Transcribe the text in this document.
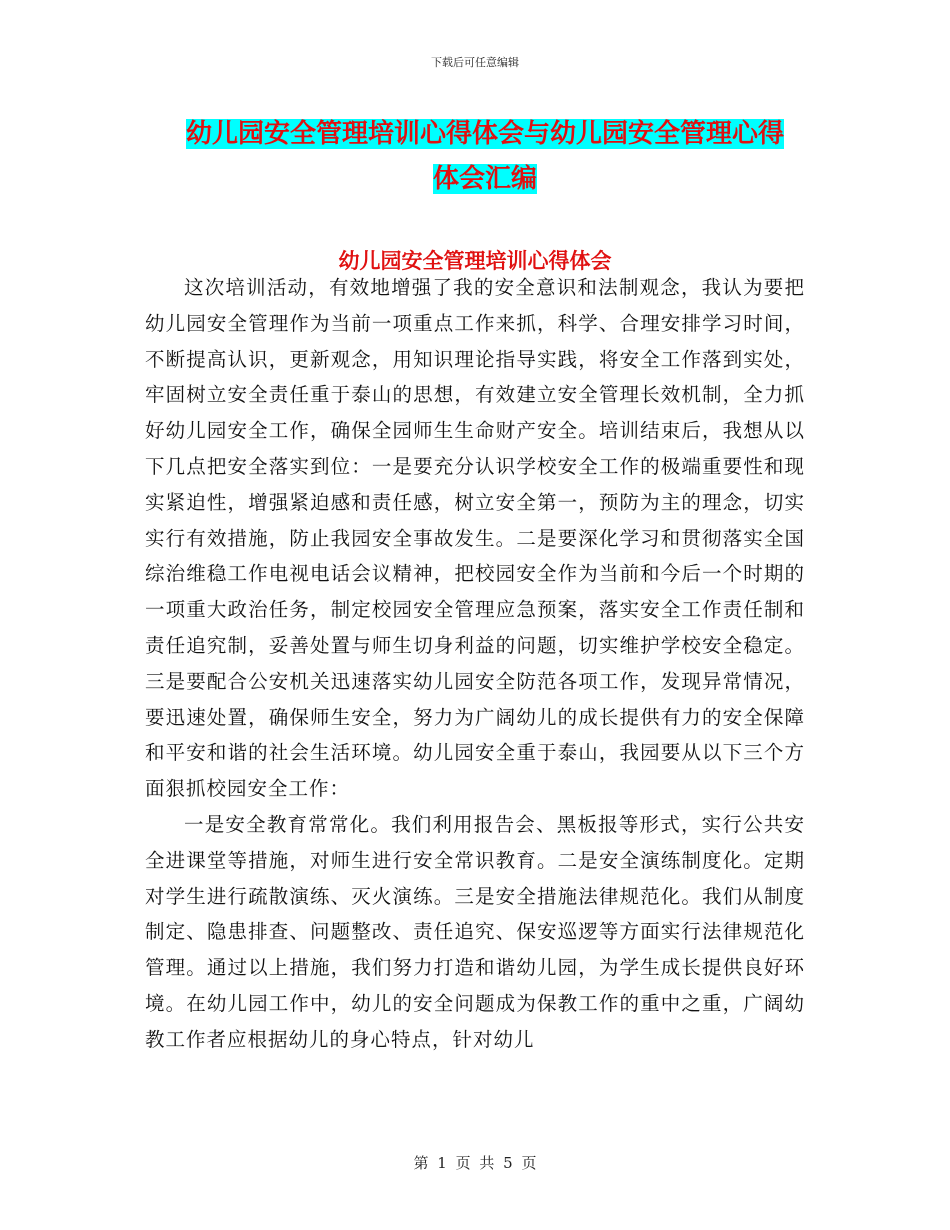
下载后可任意编辑
幼儿园安全管理培训心得体会与幼儿园安全管理心得
体会汇编
幼儿园安全管理培训心得体会

这次培训活动，有效地增强了我的安全意识和法制观念，我认为要把幼儿园安全管理作为当前一项重点工作来抓，科学、合理安排学习时间，不断提高认识，更新观念，用知识理论指导实践，将安全工作落到实处，牢固树立安全责任重于泰山的思想，有效建立安全管理长效机制，全力抓好幼儿园安全工作，确保全园师生生命财产安全。培训结束后，我想从以下几点把安全落实到位：一是要充分认识学校安全工作的极端重要性和现实紧迫性，增强紧迫感和责任感，树立安全第一，预防为主的理念，切实实行有效措施，防止我园安全事故发生。二是要深化学习和贯彻落实全国综治维稳工作电视电话会议精神，把校园安全作为当前和今后一个时期的一项重大政治任务，制定校园安全管理应急预案，落实安全工作责任制和责任追究制，妥善处置与师生切身利益的问题，切实维护学校安全稳定。三是要配合公安机关迅速落实幼儿园安全防范各项工作，发现异常情况，要迅速处置，确保师生安全，努力为广阔幼儿的成长提供有力的安全保障和平安和谐的社会生活环境。幼儿园安全重于泰山，我园要从以下三个方面狠抓校园安全工作：

一是安全教育常常化。我们利用报告会、黑板报等形式，实行公共安全进课堂等措施，对师生进行安全常识教育。二是安全演练制度化。定期对学生进行疏散演练、灭火演练。三是安全措施法律规范化。我们从制度制定、隐患排查、问题整改、责任追究、保安巡逻等方面实行法律规范化管理。通过以上措施，我们努力打造和谐幼儿园，为学生成长提供良好环境。在幼儿园工作中，幼儿的安全问题成为保教工作的重中之重，广阔幼教工作者应根据幼儿的身心特点，针对幼儿

第 1 页 共 5 页
